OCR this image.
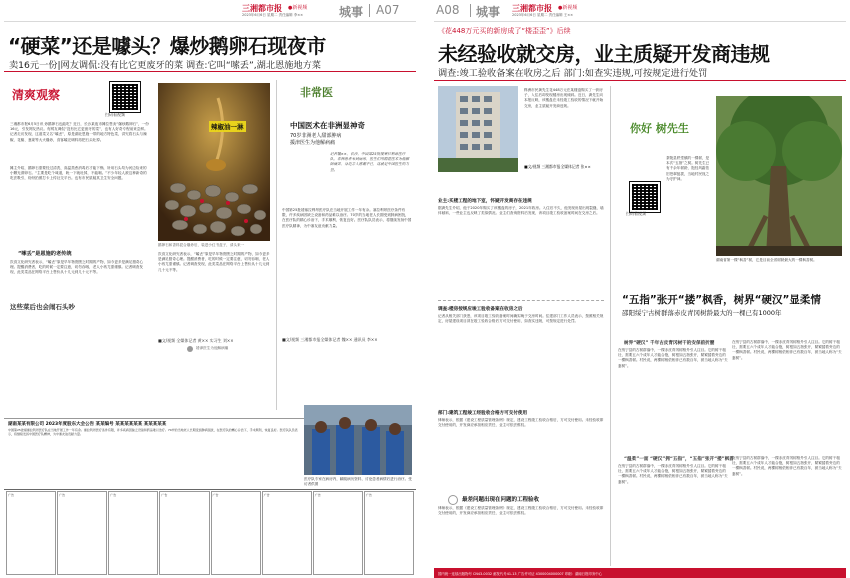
三湘都市报 ●新视频
2023年6月6日 星期二 责任编辑 李××	城事 A07
“硬菜”还是噱头？爆炒鹅卵石现夜市
卖16元一份|网友调侃:没有比它更废牙的菜 调查:它叫“嗦丢”,湖北恩施地方菜
清爽观察
扫码看视频
三湘都市报6月5日讯 炒鹅卵石也能吃？近日，长沙某夜市摊位售卖“爆炒鹅卵石”，一份16元，引发网友热议。有网友调侃“没有比它更废牙的菜”，也有人好奇专程前来尝鲜。记者走访发现，这道菜又名“嗦丢”，原是湖北恩施一带的地方特色菜，讲究将石头与辣椒、花椒、葱姜等大火爆炒，食客嗦完调料再把石头吐掉。
摊主介绍，鹅卵石需要经过清洗、高温蒸煮消毒后才能下锅，所用石头均为河边捡来的小颗光滑卵石。“主要是吃个味道，吮一下就吐掉，不能咽。”不少年轻人被这种新奇的吃法吸引，纷纷拍照打卡上传社交平台。也有市民质疑其卫生安全问题。
“嗦丢”是恩施的老传统
饮食文化研究者表示，“嗦丢”原是早年物资匮乏时期的产物，如今更多是满足猎奇心理。提醒消费者，吃的时候一定要注意，切勿吞咽，老人小孩尤需谨慎。记者调查发现，此类菜品在网络平台上售价从十几元到几十元不等。
这些菜后也会闹石头吵
辣椒油一淋
鹅卵石和香料混合爆炒后，装进小红书盒子，请头来一
饮食文化研究者表示，“嗦丢”原是早年物资匮乏时期的产物，如今更多是满足猎奇心理。提醒消费者，吃的时候一定要注意，切勿吞咽，老人小孩尤需谨慎。记者调查发现，此类菜品在网络平台上售价从十几元到几十元不等。
■文/视频 全媒体记者 黄×× 实习生 刘××
非常医
中国医术在非洲显神奇
70岁非洲老人甜部肿病
援津医生为他解病痛
记者魏××，长沙，中国第25批援塞拉利昂医疗队，非洲患者来到病房，医生们用精湛医术为他解除痛苦，身边亲人感谢不已，这就是中国医生的力量。
中国第25批援塞拉利昂医疗队在当地开展工作一年有余。塞拉利昂医疗条件有限，许多疾病因缺乏设备和药品难以治疗。70岁的当地老人长期受到肿病困扰，在医疗队的精心诊治下，手术顺利，恢复良好。医疗队队员表示，将继续发扬中国医疗队精神，为中塞友谊贡献力量。
援津医生为他解病痛
医疗队专家在病房内，翻阅病历资料，讨论患者病情后进行治疗。受访者供图
■文/视频 三湘都市报全媒体记者 魏×× 通讯员 李××
湖南某某有限公司 2023年度股东大会公告 某某编号 某某某某某某 某某某某某
中国第25批援塞拉利昂医疗队在当地开展工作一年有余。塞拉利昂医疗条件有限，许多疾病因缺乏设备和药品难以治疗。70岁的当地老人长期受到肿病困扰，在医疗队的精心诊治下，手术顺利，恢复良好。医疗队队员表示，将继续发扬中国医疗队精神，为中塞友谊贡献力量。
广告	广告	广告	广告	广告	广告	广告	广告
A08 城事 三湘都市报 ●新视频
2023年6月6日 星期二 责任编辑 王××
《花448万元买的新房成了“楼歪歪”》后续
未经验收就交房，业主质疑开发商违规
调查:竣工验收备案在收房之后 部门:如查实违规,可按规定进行处罚
株洲市民龚先生花448万元在某楼盘购买了一套房子，入住后却发现楼房出现倾斜。近日，龚先生向本报反映，该楼盘在未经竣工验收的情况下就开始交房，业主质疑开发商违规。
■文/视频 三湘都市报全媒体记者 张××
业主:买楼工程的地下室，怀疑开发商存在违规
据龚先生介绍，他于2020年购买了该楼盘的房子，2021年收房。入住后不久，他发现房屋出现裂缝，墙体倾斜，一些业主也反映了类似情况。业主们查询资料后发现，该项目竣工验收备案时间在交房之后。
调查:楼房按规应竣工验收备案在收房之后
记者从相关部门获悉，该项目竣工验收备案时间确实晚于交房时间。住建部门工作人员表示，按照相关规定，房屋建设项目须在竣工验收合格后方可交付使用，如查实违规，可按规定进行处罚。
部门:建筑工程竣工经验收合格方可交付使用
律师表示，根据《建设工程质量管理条例》规定，建设工程竣工验收合格后，方可交付使用。未经验收即交付使用的，开发商应承担相应责任，业主可依法维权。
最差问题出现在问题的工程验收
律师表示，根据《建设工程质量管理条例》规定，建设工程竣工验收合格后，方可交付使用。未经验收即交付使用的，开发商应承担相应责任，业主可依法维权。
你好 树先生
扫码看视频
茶陵县秩堂镇的一棵树，是本次“五指”之树。树先生已有千余年树龄，饱经风霜依旧苍翠挺拔，当地村民视之为守护神。
湖南省第一棵“枫香”树，它是目前全省树龄最大的一棵枫香树。
“五指”张开“搂”枫香，树界“硬汉”显柔情
邵阳绥宁古树群落赤皮青冈树龄最大的一棵已有1000年
树界“硬汉” 千年古皮青冈树干的安保前折腰
在绥宁县的古树群落中，一棵赤皮青冈树格外引人注目。它的树干粗壮，需要五六个成年人才能合抱，树根如五指张开，紧紧搂着旁边的一棵枫香树。村民说，两棵树相依相伴已有数百年，被当地人称为“夫妻树”。
在绥宁县的古树群落中，一棵赤皮青冈树格外引人注目。它的树干粗壮，需要五六个成年人才能合抱，树根如五指张开，紧紧搂着旁边的一棵枫香树。村民说，两棵树相依相伴已有数百年，被当地人称为“夫妻树”。
“温柔”一面 “硬汉”拥“五指”，“五指”张开“搂”枫香
在绥宁县的古树群落中，一棵赤皮青冈树格外引人注目。它的树干粗壮，需要五六个成年人才能合抱，树根如五指张开，紧紧搂着旁边的一棵枫香树。村民说，两棵树相依相伴已有数百年，被当地人称为“夫妻树”。
在绥宁县的古树群落中，一棵赤皮青冈树格外引人注目。它的树干粗壮，需要五六个成年人才能合抱，树根如五指张开，紧紧搂着旁边的一棵枫香树。村民说，两棵树相依相伴已有数百年，被当地人称为“夫妻树”。
国内统一连续出版物号 CN43-0032 邮发代号41-13 广告许可证 4300004000007 印刷：湖南日报印务中心
